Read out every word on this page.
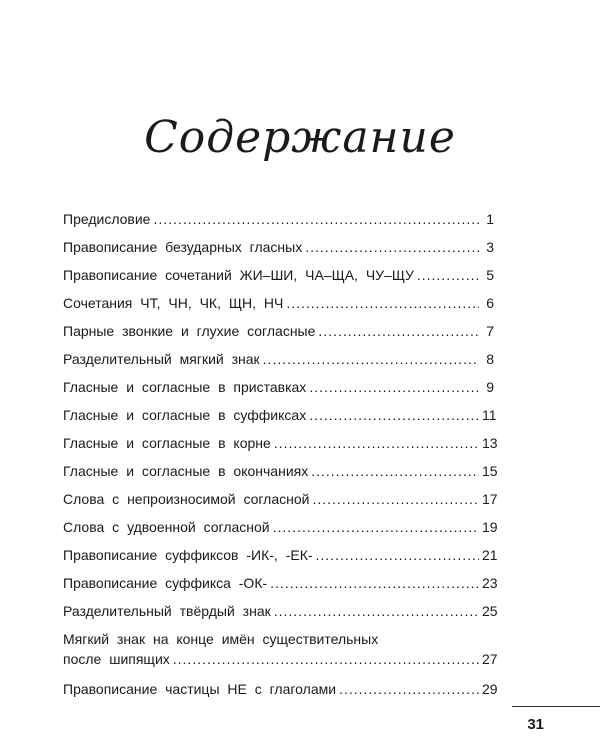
Содержание
Предисловие .....	1
Правописание безударных гласных .....	3
Правописание сочетаний ЖИ–ШИ, ЧА–ЩА, ЧУ–ЩУ .....	5
Сочетания ЧТ, ЧН, ЧК, ЩН, НЧ .....	6
Парные звонкие и глухие согласные .....	7
Разделительный мягкий знак .....	8
Гласные и согласные в приставках .....	9
Гласные и согласные в суффиксах .....	11
Гласные и согласные в корне .....	13
Гласные и согласные в окончаниях .....	15
Слова с непроизносимой согласной .....	17
Слова с удвоенной согласной .....	19
Правописание суффиксов -ИК-, -ЕК- .....	21
Правописание суффикса -ОК- .....	23
Разделительный твёрдый знак .....	25
Мягкий знак на конце имён существительных
после шипящих .....	27
Правописание частицы НЕ с глаголами .....	29
31
